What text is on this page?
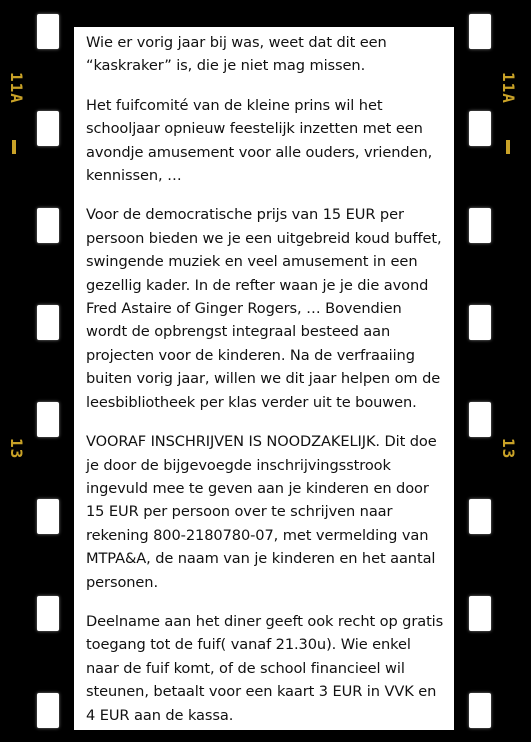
11A	11A
13	13

Wie er vorig jaar bij was, weet dat dit een “kaskraker” is, die je niet mag missen.

Het fuifcomité van de kleine prins wil het schooljaar opnieuw feestelijk inzetten met een avondje amusement voor alle ouders, vrienden, kennissen, …

Voor de democratische prijs van 15 EUR per persoon bieden we je een uitgebreid koud buffet, swingende muziek en veel amusement in een gezellig kader. In de refter waan je je die avond Fred Astaire of Ginger Rogers, … Bovendien wordt de opbrengst integraal besteed aan projecten voor de kinderen. Na de verfraaiing buiten vorig jaar, willen we dit jaar helpen om de leesbibliotheek per klas verder uit te bouwen.

VOORAF INSCHRIJVEN IS NOODZAKELIJK. Dit doe je door de bijgevoegde inschrijvingsstrook ingevuld mee te geven aan je kinderen en door 15 EUR per persoon over te schrijven naar rekening 800-2180780-07, met vermelding van MTPA&A, de naam van je kinderen en het aantal personen.

Deelname aan het diner geeft ook recht op gratis toegang tot de fuif( vanaf 21.30u). Wie enkel naar de fuif komt, of de school financieel wil steunen, betaalt voor een kaart 3 EUR in VVK en 4 EUR aan de kassa.
